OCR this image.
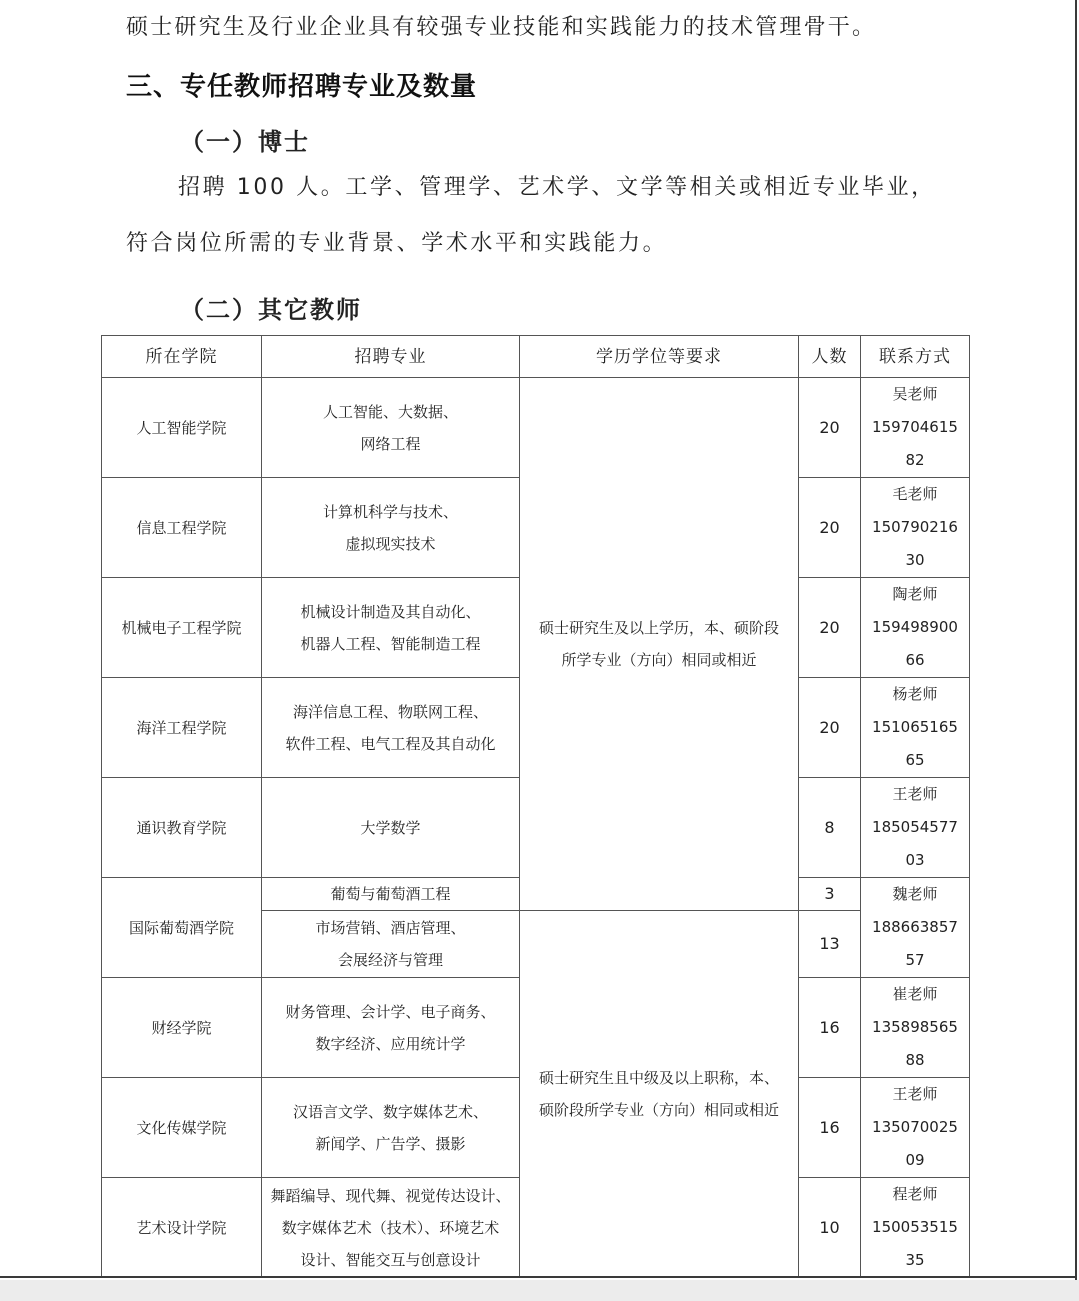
硕士研究生及行业企业具有较强专业技能和实践能力的技术管理骨干。
三、专任教师招聘专业及数量
（一）博士
招聘 100 人。工学、管理学、艺术学、文学等相关或相近专业毕业，
符合岗位所需的专业背景、学术水平和实践能力。
（二）其它教师
所在学院	招聘专业	学历学位等要求	人数	联系方式
人工智能学院	人工智能、大数据、
网络工程	硕士研究生及以上学历，本、硕阶段
所学专业（方向）相同或相近	20	吴老师
159704615
82

信息工程学院	计算机科学与技术、
虚拟现实技术		20	毛老师
150790216
30

机械电子工程学院	机械设计制造及其自动化、
机器人工程、智能制造工程		20	陶老师
159498900
66

海洋工程学院	海洋信息工程、物联网工程、
软件工程、电气工程及其自动化		20	杨老师
151065165
65

通识教育学院	大学数学		8	王老师
185054577
03

国际葡萄酒学院	葡萄与葡萄酒工程		3	魏老师
188663857
57

	市场营销、酒店管理、
会展经济与管理	硕士研究生且中级及以上职称，本、
硕阶段所学专业（方向）相同或相近	13	
财经学院	财务管理、会计学、电子商务、
数字经济、应用统计学		16	崔老师
135898565
88

文化传媒学院	汉语言文学、数字媒体艺术、
新闻学、广告学、摄影		16	王老师
135070025
09

艺术设计学院	舞蹈编导、现代舞、视觉传达设计、
数字媒体艺术（技术）、环境艺术
设计、智能交互与创意设计		10	程老师
150053515
35
